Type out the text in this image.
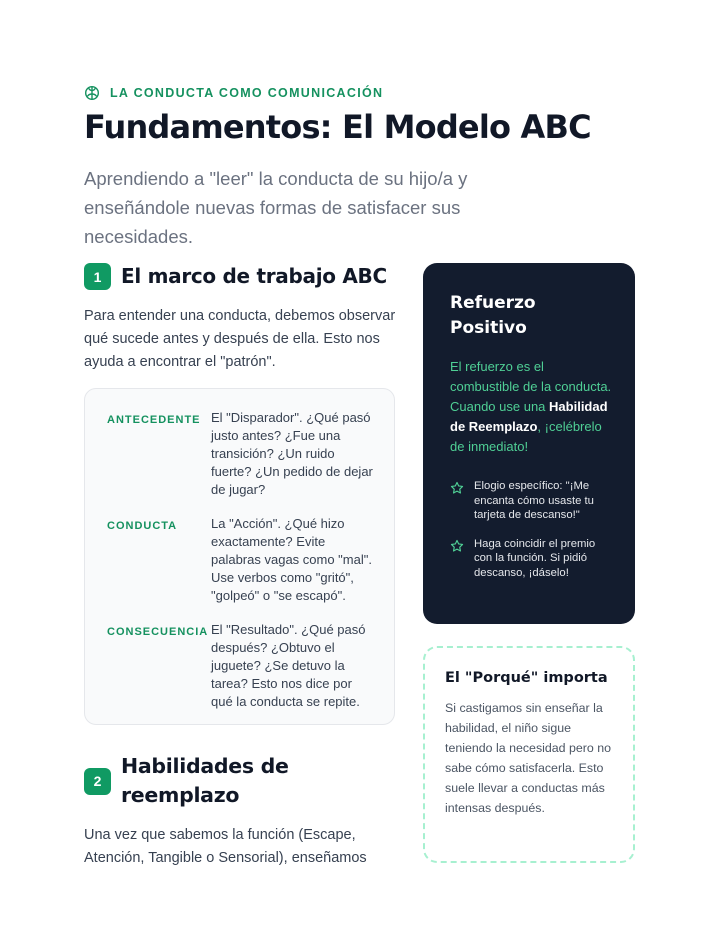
LA CONDUCTA COMO COMUNICACIÓN
Fundamentos: El Modelo ABC

Aprendiendo a "leer" la conducta de su hijo/a y enseñándole nuevas formas de satisfacer sus necesidades.

1 El marco de trabajo ABC

Para entender una conducta, debemos observar qué sucede antes y después de ella. Esto nos ayuda a encontrar el "patrón".

ANTECEDENTE El "Disparador". ¿Qué pasó justo antes? ¿Fue una transición? ¿Un ruido fuerte? ¿Un pedido de dejar de jugar?
CONDUCTA	La "Acción". ¿Qué hizo exactamente? Evite palabras vagas como "mal". Use verbos como "gritó", "golpeó" o "se escapó".
CONSECUENCIA El "Resultado". ¿Qué pasó después? ¿Obtuvo el juguete? ¿Se detuvo la tarea? Esto nos dice por qué la conducta se repite.
2
Habilidades de reemplazo

Una vez que sabemos la función (Escape, Atención, Tangible o Sensorial), enseñamos

Refuerzo Positivo

El refuerzo es el combustible de la conducta. Cuando use una Habilidad de Reemplazo, ¡celébrelo de inmediato!

Elogio específico: "¡Me encanta cómo usaste tu tarjeta de descanso!"
Haga coincidir el premio con la función. Si pidió descanso, ¡dáselo!
El "Porqué" importa

Si castigamos sin enseñar la habilidad, el niño sigue teniendo la necesidad pero no sabe cómo satisfacerla. Esto suele llevar a conductas más intensas después.
